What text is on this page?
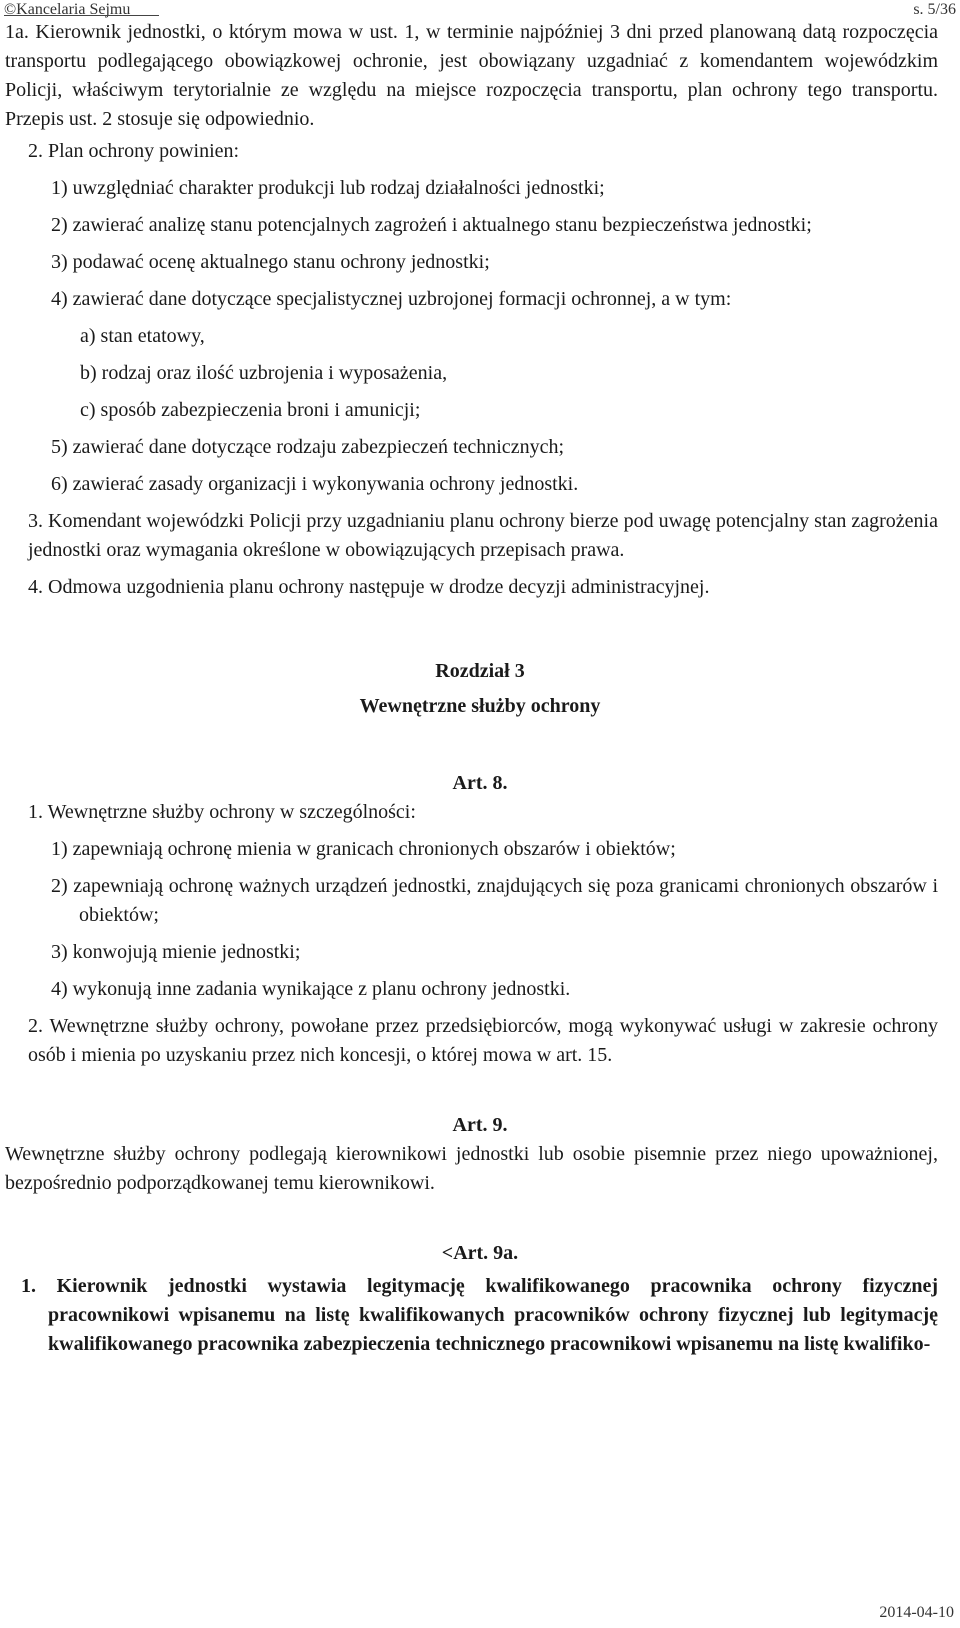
©Kancelaria Sejmu	s. 5/36

1a. Kierownik jednostki, o którym mowa w ust. 1, w terminie najpóźniej 3 dni przed planowaną datą rozpoczęcia transportu podlegającego obowiązkowej ochronie, jest obowiązany uzgadniać z komendantem wojewódzkim Policji, właściwym terytorialnie ze względu na miejsce rozpoczęcia transportu, plan ochrony tego transportu. Przepis ust. 2 stosuje się odpowiednio.

2. Plan ochrony powinien:

1) uwzględniać charakter produkcji lub rodzaj działalności jednostki;

2) zawierać analizę stanu potencjalnych zagrożeń i aktualnego stanu bezpieczeństwa jednostki;

3) podawać ocenę aktualnego stanu ochrony jednostki;

4) zawierać dane dotyczące specjalistycznej uzbrojonej formacji ochronnej, a w tym:

a) stan etatowy,

b) rodzaj oraz ilość uzbrojenia i wyposażenia,

c) sposób zabezpieczenia broni i amunicji;

5) zawierać dane dotyczące rodzaju zabezpieczeń technicznych;

6) zawierać zasady organizacji i wykonywania ochrony jednostki.

3. Komendant wojewódzki Policji przy uzgadnianiu planu ochrony bierze pod uwagę potencjalny stan zagrożenia jednostki oraz wymagania określone w obowiązujących przepisach prawa.

4. Odmowa uzgodnienia planu ochrony następuje w drodze decyzji administracyjnej.

Rozdział 3

Wewnętrzne służby ochrony

Art. 8.

1. Wewnętrzne służby ochrony w szczególności:

1) zapewniają ochronę mienia w granicach chronionych obszarów i obiektów;

2) zapewniają ochronę ważnych urządzeń jednostki, znajdujących się poza granicami chronionych obszarów i obiektów;

3) konwojują mienie jednostki;

4) wykonują inne zadania wynikające z planu ochrony jednostki.

2. Wewnętrzne służby ochrony, powołane przez przedsiębiorców, mogą wykonywać usługi w zakresie ochrony osób i mienia po uzyskaniu przez nich koncesji, o której mowa w art. 15.

Art. 9.

Wewnętrzne służby ochrony podlegają kierownikowi jednostki lub osobie pisemnie przez niego upoważnionej, bezpośrednio podporządkowanej temu kierownikowi.

<Art. 9a.

1. Kierownik jednostki wystawia legitymację kwalifikowanego pracownika ochrony fizycznej pracownikowi wpisanemu na listę kwalifikowanych pracowników ochrony fizycznej lub legitymację kwalifikowanego pracownika zabezpieczenia technicznego pracownikowi wpisanemu na listę kwalifiko-

2014-04-10
